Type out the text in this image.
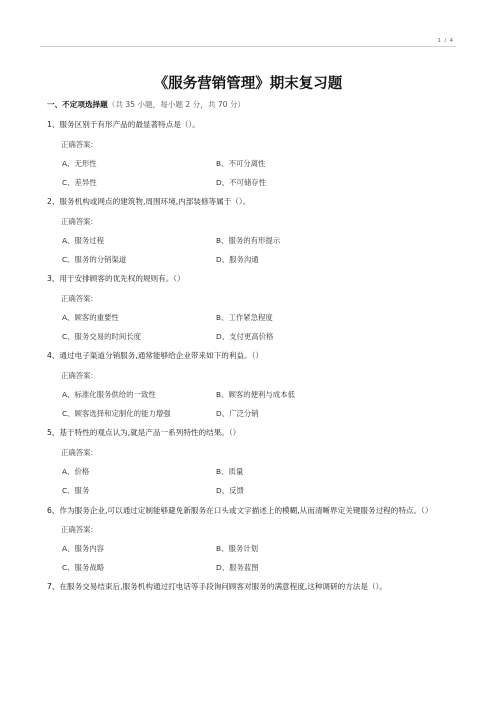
1 / 4
《服务营销管理》期末复习题
一、不定项选择题（共 35 小题，每小题 2 分，共 70 分）
1、服务区别于有形产品的最显著特点是（）。
正确答案:
A、无形性	B、不可分离性
C、差异性	D、不可储存性
2、服务机构或网点的建筑物,周围环境,内部装修等属于（）。
正确答案:
A、服务过程	B、服务的有形提示
C、服务的分销渠道	D、服务沟通
3、用于安排顾客的优先权的规则有。（）
正确答案:
A、顾客的重要性	B、工作紧急程度
C、服务交易的时间长度	D、支付更高价格
4、通过电子渠道分销服务,通常能够给企业带来如下的利益。（）
正确答案:
A、标准化服务供给的一致性	B、顾客的便利与成本低
C、顾客选择和定制化的能力增强	D、广泛分销
5、基于特性的观点认为,就是产品一系列特性的结果。（）
正确答案:
A、价格	B、质量
C、服务	D、反馈
6、作为服务企业,可以通过定制能够避免新服务在口头或文字描述上的模糊,从而清晰界定关键服务过程的特点。（）
正确答案:
A、服务内容	B、服务计划
C、服务战略	D、服务蓝图
7、在服务交易结束后,服务机构通过打电话等手段询问顾客对服务的满意程度,这种调研的方法是（）。
